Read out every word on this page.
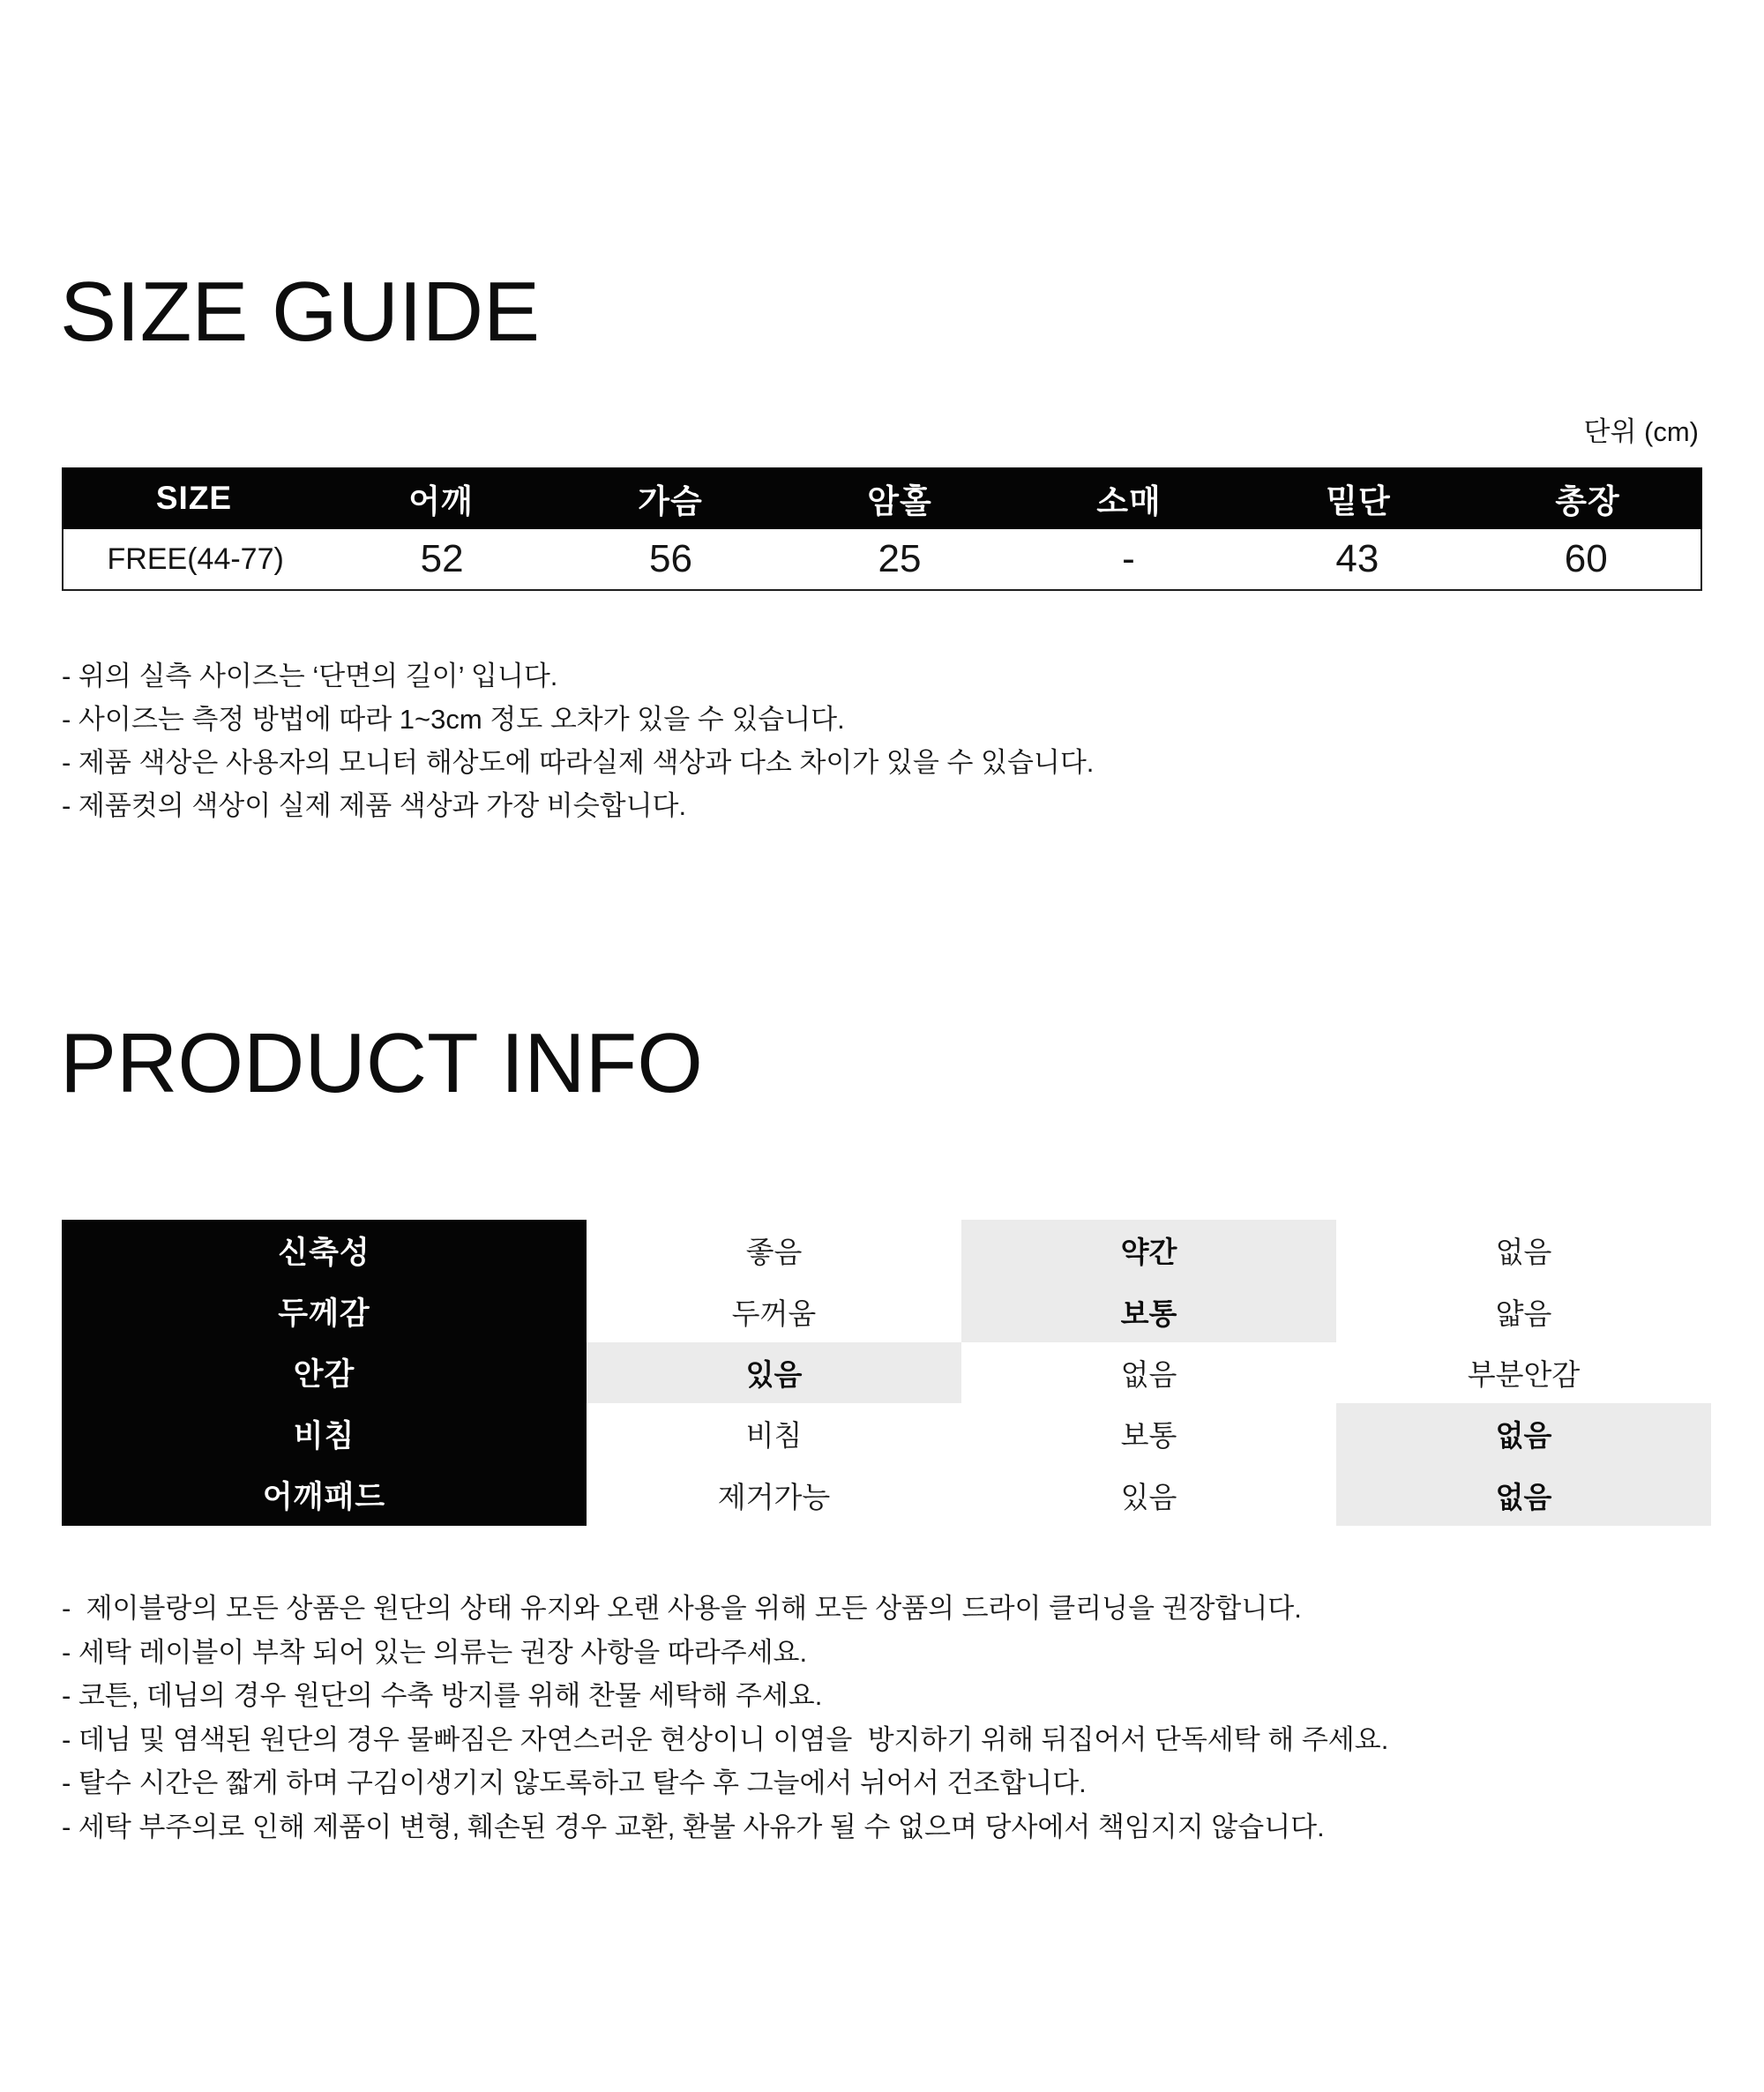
SIZE GUIDE
단위 (cm)
SIZE	어깨	가슴	암홀	소매	밑단	총장
FREE(44-77)	52	56	25	-	43	60
- 위의 실측 사이즈는 ‘단면의 길이’ 입니다.
- 사이즈는 측정 방법에 따라 1~3cm 정도 오차가 있을 수 있습니다.
- 제품 색상은 사용자의 모니터 해상도에 따라실제 색상과 다소 차이가 있을 수 있습니다.
- 제품컷의 색상이 실제 제품 색상과 가장 비슷합니다.
PRODUCT INFO
신축성	좋음	약간	없음
두께감	두꺼움	보통	얇음
안감	있음	없음	부분안감
비침	비침	보통	없음
어깨패드	제거가능	있음	없음
-  제이블랑의 모든 상품은 원단의 상태 유지와 오랜 사용을 위해 모든 상품의 드라이 클리닝을 권장합니다.
- 세탁 레이블이 부착 되어 있는 의류는 권장 사항을 따라주세요.
- 코튼, 데님의 경우 원단의 수축 방지를 위해 찬물 세탁해 주세요.
- 데님 및 염색된 원단의 경우 물빠짐은 자연스러운 현상이니 이염을  방지하기 위해 뒤집어서 단독세탁 해 주세요.
- 탈수 시간은 짧게 하며 구김이생기지 않도록하고 탈수 후 그늘에서 뉘어서 건조합니다.
- 세탁 부주의로 인해 제품이 변형, 훼손된 경우 교환, 환불 사유가 될 수 없으며 당사에서 책임지지 않습니다.
